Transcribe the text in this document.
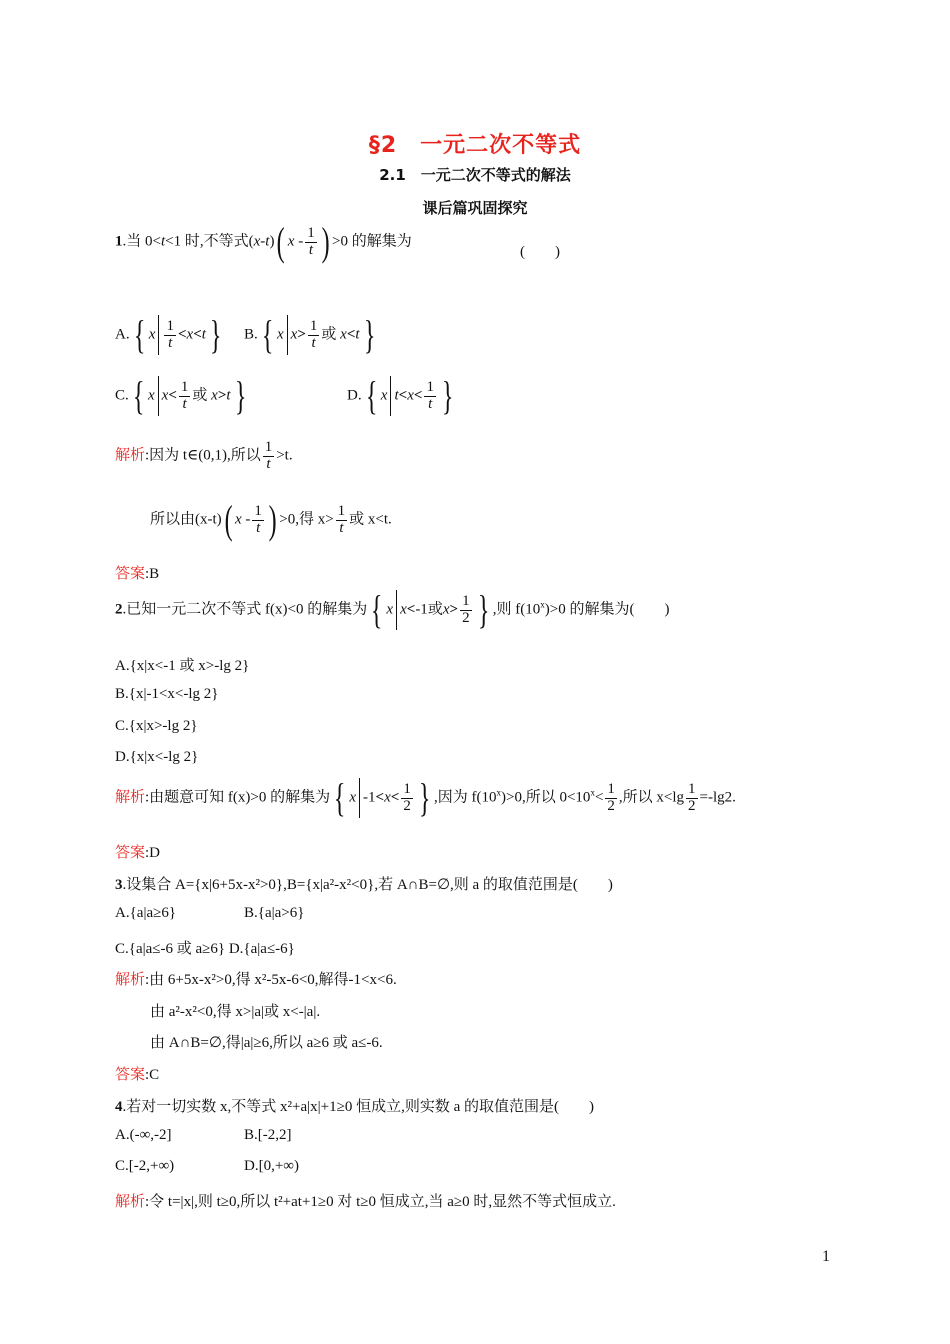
§2　一元二次不等式
2.1　一元二次不等式的解法
课后篇巩固探究
1.当 0<t<1 时,不等式(x-t)( x - $\frac{1}{t}$ ) >0 的解集为
(　　)
A.{ x $\frac{1}{t} <x<t$} B.{ x $x> \frac{1}{t}$ 或 x<t}
C.{ x $x< \frac{1}{t}$ 或 x>t}	D.{ x $t<x< \frac{1}{t}$ }
解析:因为 t∈(0,1),所以 $\frac{1}{t} >t$.
所以由(x-t)( x - $\frac{1}{t}$ ) >0,得 $x> \frac{1}{t}$ 或 x<t.
答案:B
2.已知一元二次不等式 f(x)<0 的解集为{ x x<-1或$x> \frac{1}{2}$ } ,则 $f(10^x)>0$ 的解集为(　　)
A.{x|x<-1 或 x>-lg 2}
B.{x|-1<x<-lg 2}
C.{x|x>-lg 2}
D.{x|x<-lg 2}
解析:由题意可知 f(x)>0 的解集为{ x $-1<x< \frac{1}{2}$ } ,因为 $f(10^x)>0$,所以 $0<10^x< \frac{1}{2}$ ,所以 $x<\lg \frac{1}{2} =-\lg 2$.
答案:D
3.设集合 A={x|6+5x-x²>0},B={x|a²-x²<0},若 A∩B=∅,则 a 的取值范围是(　　)
A.{a|a≥6}	B.{a|a>6}
C.{a|a≤-6 或 a≥6} D.{a|a≤-6}
解析:由 6+5x-x²>0,得 x²-5x-6<0,解得-1<x<6.
由 a²-x²<0,得 x>|a|或 x<-|a|.
由 A∩B=∅,得|a|≥6,所以 a≥6 或 a≤-6.
答案:C
4.若对一切实数 x,不等式 x²+a|x|+1≥0 恒成立,则实数 a 的取值范围是(　　)
A.(-∞,-2]	B.[-2,2]
C.[-2,+∞)	D.[0,+∞)
解析:令 t=|x|,则 t≥0,所以 t²+at+1≥0 对 t≥0 恒成立,当 a≥0 时,显然不等式恒成立.
1
